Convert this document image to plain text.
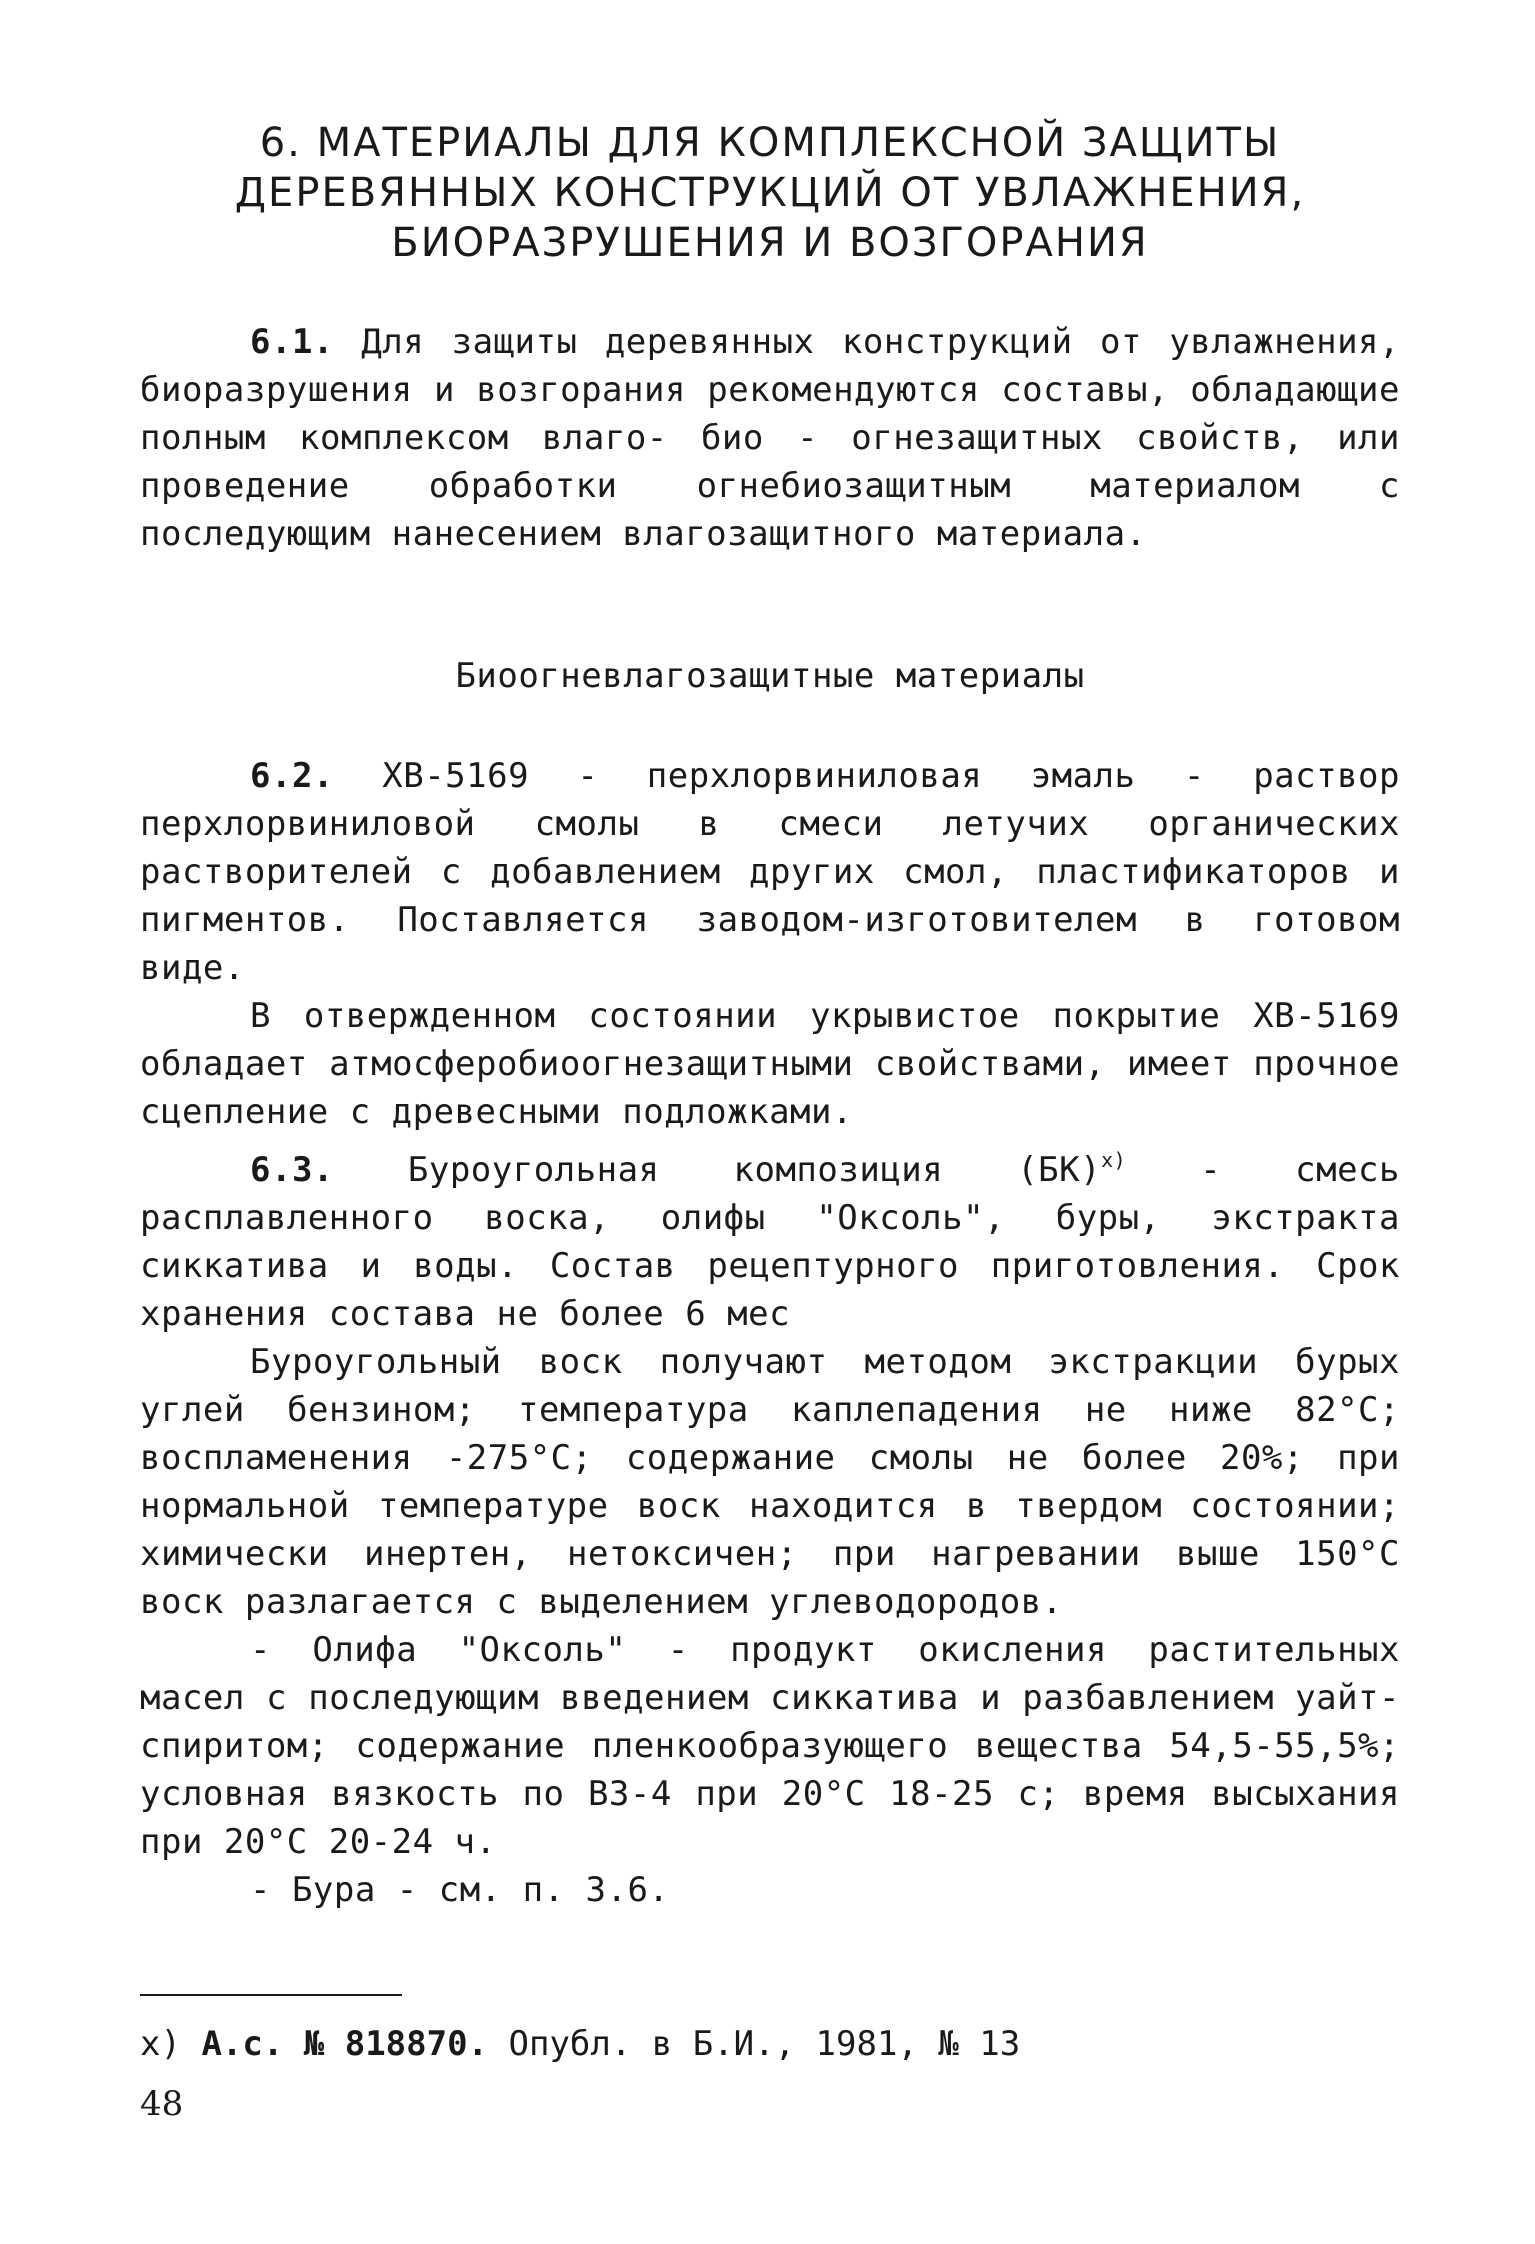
6. МАТЕРИАЛЫ ДЛЯ КОМПЛЕКСНОЙ ЗАЩИТЫ
ДЕРЕВЯННЫХ КОНСТРУКЦИЙ ОТ УВЛАЖНЕНИЯ,
БИОРАЗРУШЕНИЯ И ВОЗГОРАНИЯ

6.1. Для защиты деревянных конструкций от увлажнения, биоразрушения и возгорания рекомендуются составы, обладающие полным комплексом влаго- био - огнезащитных свойств, или проведение обработки огнебиозащитным материалом с последующим нанесением влагозащитного материала.

Биоогневлагозащитные материалы

6.2. ХВ-5169 - перхлорвиниловая эмаль - раствор перхлорвиниловой смолы в смеси летучих органических растворителей с добавлением других смол, пластификаторов и пигментов. Поставляется заводом-изготовителем в готовом виде.

В отвержденном состоянии укрывистое покрытие ХВ-5169 обладает атмосферобиоогнезащитными свойствами, имеет прочное сцепление с древесными подложками.

6.3. Буроугольная композиция (БК)$^{x)}$ - смесь расплавленного воска, олифы "Оксоль", буры, экстракта сиккатива и воды. Состав рецептурного приготовления. Срок хранения состава не более 6 мес

Буроугольный воск получают методом экстракции бурых углей бензином; температура каплепадения не ниже 82°С; воспламенения -275°С; содержание смолы не более 20%; при нормальной температуре воск находится в твердом состоянии; химически инертен, нетоксичен; при нагревании выше 150°С воск разлагается с выделением углеводородов.

- Олифа "Оксоль" - продукт окисления растительных масел с последующим введением сиккатива и разбавлением уайт-спиритом; содержание пленкообразующего вещества 54,5-55,5%; условная вязкость по ВЗ-4 при 20°С 18-25 с; время высыхания при 20°С 20-24 ч.

- Бура - см. п. 3.6.

х) А.с. № 818870. Опубл. в Б.И., 1981, № 13
48
